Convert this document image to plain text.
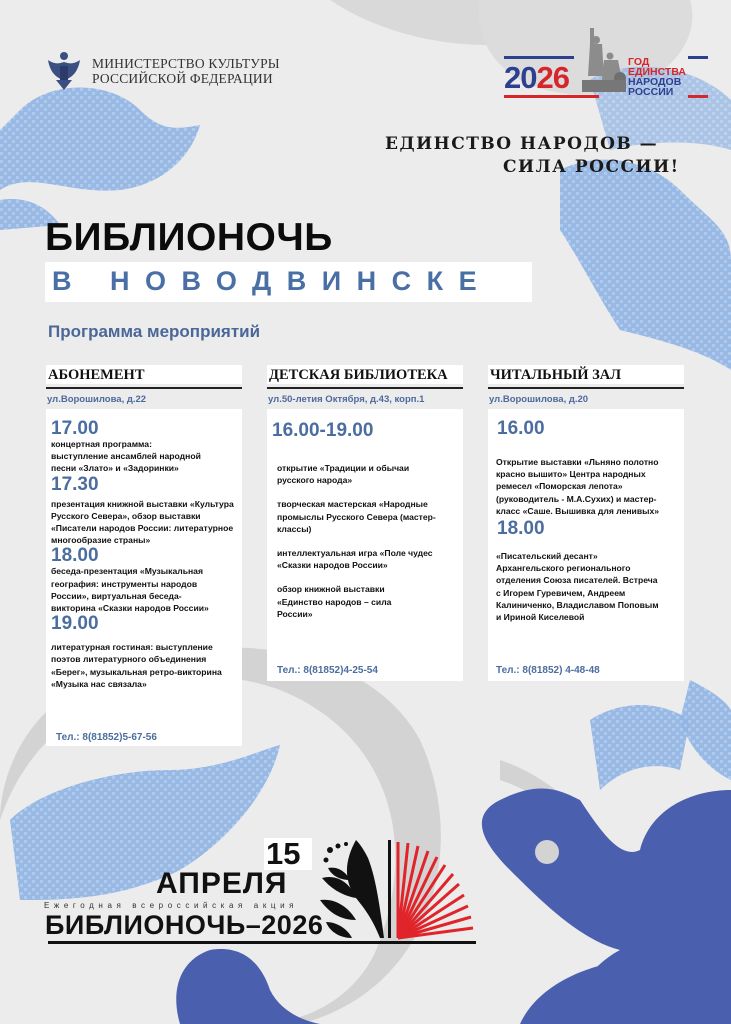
МИНИСТЕРСТВО КУЛЬТУРЫ
РОССИЙСКОЙ ФЕДЕРАЦИИ	2026	ГОД
ЕДИНСТВА
НАРОДОВ
РОССИИ
ЕДИНСТВО НАРОДОВ —
СИЛА РОССИИ!
БИБЛИОНОЧЬ
В НОВОДВИНСКЕ
Программа мероприятий
АБОНЕМЕНТ
ул.Ворошилова, д.22
17.00
концертная программа: выступление ансамблей народной песни «Злато» и «Задоринки»
17.30
презентация книжной выставки «Культура Русского Севера», обзор выставки «Писатели народов России: литературное многообразие страны»
18.00
беседа-презентация «Музыкальная география: инструменты народов России», виртуальная беседа-викторина «Сказки народов России»
19.00
литературная гостиная: выступление поэтов литературного объединения «Берег», музыкальная ретро-викторина «Музыка нас связала»
Тел.: 8(81852)5-67-56
ДЕТСКАЯ БИБЛИОТЕКА
ул.50-летия Октября, д.43, корп.1
16.00-19.00
открытие «Традиции и обычаи русского народа»
творческая мастерская «Народные промыслы Русского Севера (мастер-классы)
интеллектуальная игра «Поле чудес «Сказки народов России»
обзор книжной выставки «Единство народов – сила России»
Тел.: 8(81852)4-25-54
ЧИТАЛЬНЫЙ ЗАЛ
ул.Ворошилова, д.20
16.00
Открытие выставки «Льняно полотно красно вышито» Центра народных ремесел «Поморская лепота» (руководитель - М.А.Сухих) и мастер-класс «Саше. Вышивка для ленивых»
18.00
«Писательский десант» Архангельского регионального отделения Союза писателей. Встреча с Игорем Гуревичем, Андреем Калиниченко, Владиславом Поповым и Ириной Киселевой
Тел.: 8(81852) 4-48-48
15
АПРЕЛЯ
Ежегодная всероссийская акция
БИБЛИОНОЧЬ–2026
